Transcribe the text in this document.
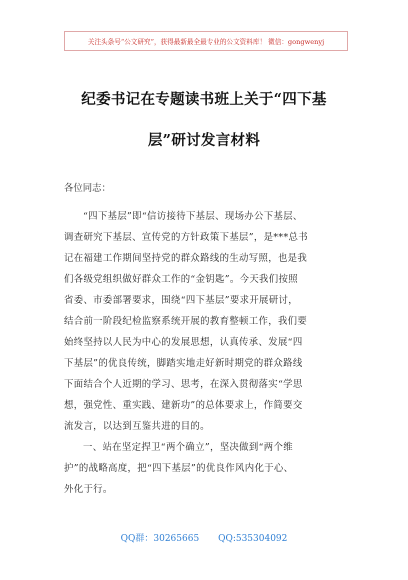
关注头条号“公文研究”，获得最新最全最专业的公文资料库！ 微信：gongwenyj
纪委书记在专题读书班上关于“四下基
层”研讨发言材料
各位同志：
“四下基层”即“信访接待下基层、现场办公下基层、
调查研究下基层、宣传党的方针政策下基层”，是***总书
记在福建工作期间坚持党的群众路线的生动写照，也是我
们各级党组织做好群众工作的“金钥匙”。今天我们按照
省委、市委部署要求，围绕“四下基层”要求开展研讨，
结合前一阶段纪检监察系统开展的教育整顿工作，我们要
始终坚持以人民为中心的发展思想，认真传承、发展“四
下基层”的优良传统，脚踏实地走好新时期党的群众路线
下面结合个人近期的学习、思考，在深入贯彻落实“学思
想，强党性、重实践、建新功”的总体要求上，作简要交
流发言，以达到互鉴共进的目的。
一、站在坚定捍卫“两个确立”，坚决做到“两个维
护”的战略高度，把“四下基层”的优良作风内化于心、
外化于行。
QQ群：30265665 QQ:535304092
